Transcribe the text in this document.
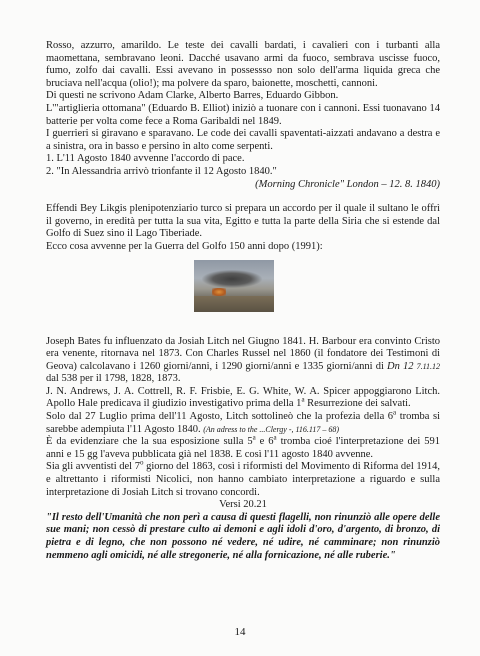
Rosso, azzurro, amarildo. Le teste dei cavalli bardati, i cavalieri con i turbanti alla maomettana, sembravano leoni. Dacché usavano armi da fuoco, sembrava uscisse fuoco, fumo, zolfo dai cavalli. Essi avevano in possessso non solo dell'arma liquida greca che bruciava nell'acqua (olio!); ma polvere da sparo, baionette, moschetti, cannoni.

Di questi ne scrivono Adam Clarke, Alberto Barres, Eduardo Gibbon.

L'"artiglieria ottomana" (Eduardo B. Elliot) iniziò a tuonare con i cannoni. Essi tuonavano 14 batterie per volta come fece a Roma Garibaldi nel 1849.

I guerrieri si giravano e sparavano. Le code dei cavalli spaventati-aizzati andavano a destra e a sinistra, ora in basso e persino in alto come serpenti.

1. L'11 Agosto 1840 avvenne l'accordo di pace.

2. "In Alessandria arrivò trionfante il 12 Agosto 1840."

(Morning Chronicle" London – 12. 8. 1840)

Effendi Bey Likgis plenipotenziario turco si prepara un accordo per il quale il sultano le offrì il governo, in eredità per tutta la sua vita, Egitto e tutta la parte della Siria che si estende dal Golfo di Suez sino il Lago Tiberiade.

Ecco cosa avvenne per la Guerra del Golfo 150 anni dopo (1991):

Joseph Bates fu influenzato da Josiah Litch nel Giugno 1841. H. Barbour era convinto Cristo era venente, ritornava nel 1873. Con Charles Russel nel 1860 (il fondatore dei Testimoni di Geova) calcolavano i 1260 giorni/anni, i 1290 giorni/anni e 1335 giorni/anni di Dn 12 7.11.12 dal 538 per il 1798, 1828, 1873.

J. N. Andrews, J. A. Cottrell, R. F. Frisbie, E. G. White, W. A. Spicer appoggiarono Litch. Apollo Hale predicava il giudizio investigativo prima della 1$^a$ Resurrezione dei salvati.

Solo dal 27 Luglio prima dell'11 Agosto, Litch sottolineò che la profezia della 6$^a$ tromba si sarebbe adempiuta l'11 Agosto 1840. (An adress to the ...Clergy -, 116.117 – 68)

È da evidenziare che la sua esposizione sulla 5$^a$ e 6$^a$ tromba cioé l'interpretazione dei 591 anni e 15 gg l'aveva pubblicata già nel 1838. E così l'11 agosto 1840 avvenne.

Sia gli avventisti del 7$^o$ giorno del 1863, così i riformisti del Movimento di Riforma del 1914, e altrettanto i riformisti Nicolici, non hanno cambiato interpretazione a riguardo e sulla interpretazione di Josiah Litch si trovano concordi.

Versi 20.21

"Il resto dell'Umanità che non perì a causa di questi flagelli, non rinunziò alle opere delle sue mani; non cessò di prestare culto ai demoni e agli idoli d'oro, d'argento, di bronzo, di pietra e di legno, che non possono né vedere, né udire, né camminare; non rinunziò nemmeno agli omicidi, né alle stregonerie, né alla fornicazione, né alle ruberie."

14
